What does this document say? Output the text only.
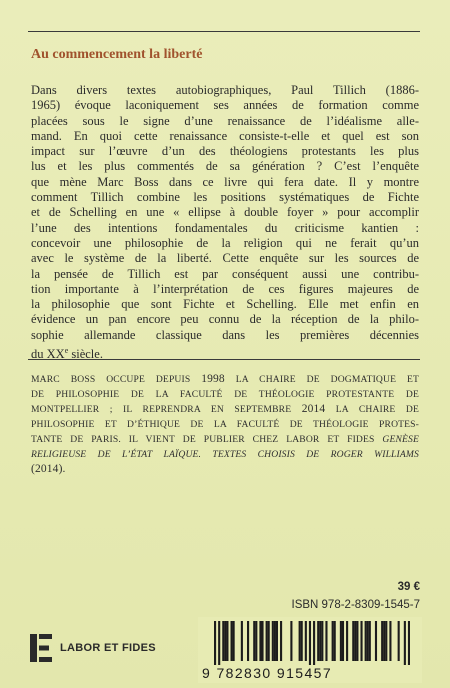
Au commencement la liberté

Dans divers textes autobiographiques, Paul Tillich (1886-
1965) évoque laconiquement ses années de formation comme
placées sous le signe d’une renaissance de l’idéalisme alle-
mand. En quoi cette renaissance consiste-t-elle et quel est son
impact sur l’œuvre d’un des théologiens protestants les plus
lus et les plus commentés de sa génération ? C’est l’enquête
que mène Marc Boss dans ce livre qui fera date. Il y montre
comment Tillich combine les positions systématiques de Fichte
et de Schelling en une « ellipse à double foyer » pour accomplir
l’une des intentions fondamentales du criticisme kantien :
concevoir une philosophie de la religion qui ne ferait qu’un
avec le système de la liberté. Cette enquête sur les sources de
la pensée de Tillich est par conséquent aussi une contribu-
tion importante à l’interprétation de ces figures majeures de
la philosophie que sont Fichte et Schelling. Elle met enfin en
évidence un pan encore peu connu de la réception de la philo-
sophie allemande classique dans les premières décennies
du XXe siècle.

MARC BOSS OCCUPE DEPUIS 1998 LA CHAIRE DE DOGMATIQUE ET
DE PHILOSOPHIE DE LA FACULTÉ DE THÉOLOGIE PROTESTANTE DE
MONTPELLIER ; IL REPRENDRA EN SEPTEMBRE 2014 LA CHAIRE DE
PHILOSOPHIE ET D’ÉTHIQUE DE LA FACULTÉ DE THÉOLOGIE PROTES-
TANTE DE PARIS. IL VIENT DE PUBLIER CHEZ LABOR ET FIDES GENÈSE
RELIGIEUSE DE L’ÉTAT LAÏQUE. TEXTES CHOISIS DE ROGER WILLIAMS
(2014).

39 €
ISBN 978-2-8309-1545-7
LABOR ET FIDES
9 782830 915457
